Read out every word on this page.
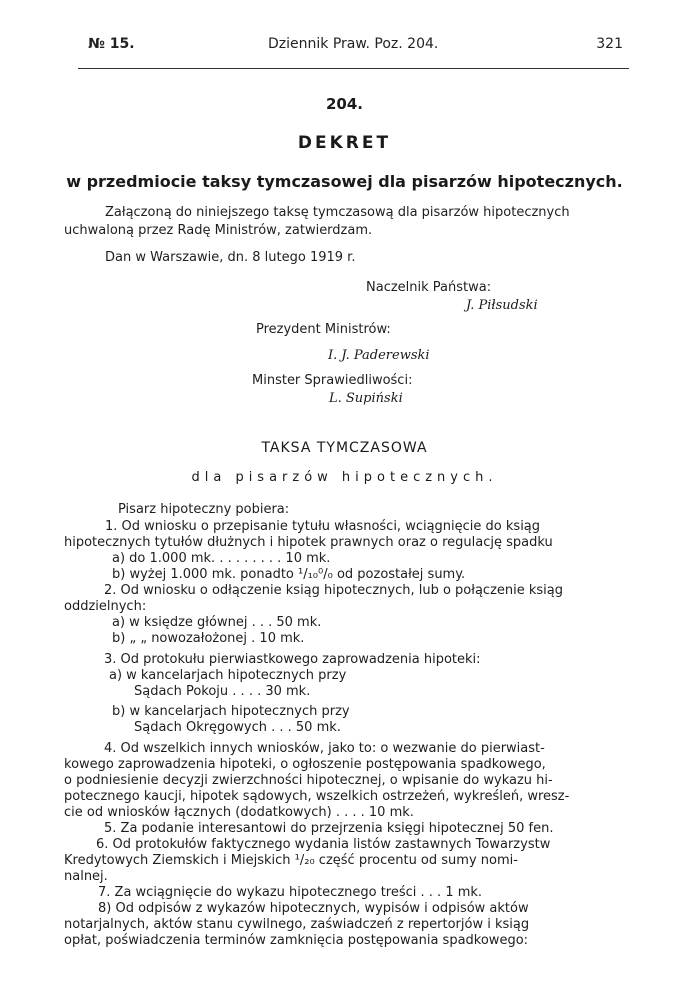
№ 15.	Dziennik Praw. Poz. 204.	321
204.
DEKRET
w przedmiocie taksy tymczasowej dla pisarzów hipotecznych.
Załączoną do niniejszego taksę tymczasową dla pisarzów hipotecznych
uchwaloną przez Radę Ministrów, zatwierdzam.
Dan w Warszawie, dn. 8 lutego 1919 r.
Naczelnik Państwa:
J. Piłsudski
Prezydent Ministrów:
I. J. Paderewski
Minster Sprawiedliwości:
L. Supiński
TAKSA TYMCZASOWA
dla pisarzów hipotecznych.
Pisarz hipoteczny pobiera:
1. Od wniosku o przepisanie tytułu własności, wciągnięcie do ksiąg
hipotecznych tytułów dłużnych i hipotek prawnych oraz o regulację spadku
a) do 1.000 mk. . . . . . . . . 10 mk.
b) wyżej 1.000 mk. ponadto ¹/₁₀⁰/₀ od pozostałej sumy.
2. Od wniosku o odłączenie ksiąg hipotecznych, lub o połączenie ksiąg
oddzielnych:
a) w księdze głównej . . . 50 mk.
b) „ „ nowozałożonej . 10 mk.
3. Od protokułu pierwiastkowego zaprowadzenia hipoteki:
a) w kancelarjach hipotecznych przy
Sądach Pokoju . . . . 30 mk.
b) w kancelarjach hipotecznych przy
Sądach Okręgowych . . . 50 mk.
4. Od wszelkich innych wniosków, jako to: o wezwanie do pierwiast-
kowego zaprowadzenia hipoteki, o ogłoszenie postępowania spadkowego,
o podniesienie decyzji zwierzchności hipotecznej, o wpisanie do wykazu hi-
potecznego kaucji, hipotek sądowych, wszelkich ostrzeżeń, wykreśleń, wresz-
cie od wniosków łącznych (dodatkowych) . . . . 10 mk.
5. Za podanie interesantowi do przejrzenia księgi hipotecznej 50 fen.
6. Od protokułów faktycznego wydania listów zastawnych Towarzystw
Kredytowych Ziemskich i Miejskich ¹/₂₀ część procentu od sumy nomi-
nalnej.
7. Za wciągnięcie do wykazu hipotecznego treści . . . 1 mk.
8) Od odpisów z wykazów hipotecznych, wypisów i odpisów aktów
notarjalnych, aktów stanu cywilnego, zaświadczeń z repertorjów i ksiąg
opłat, poświadczenia terminów zamknięcia postępowania spadkowego:
